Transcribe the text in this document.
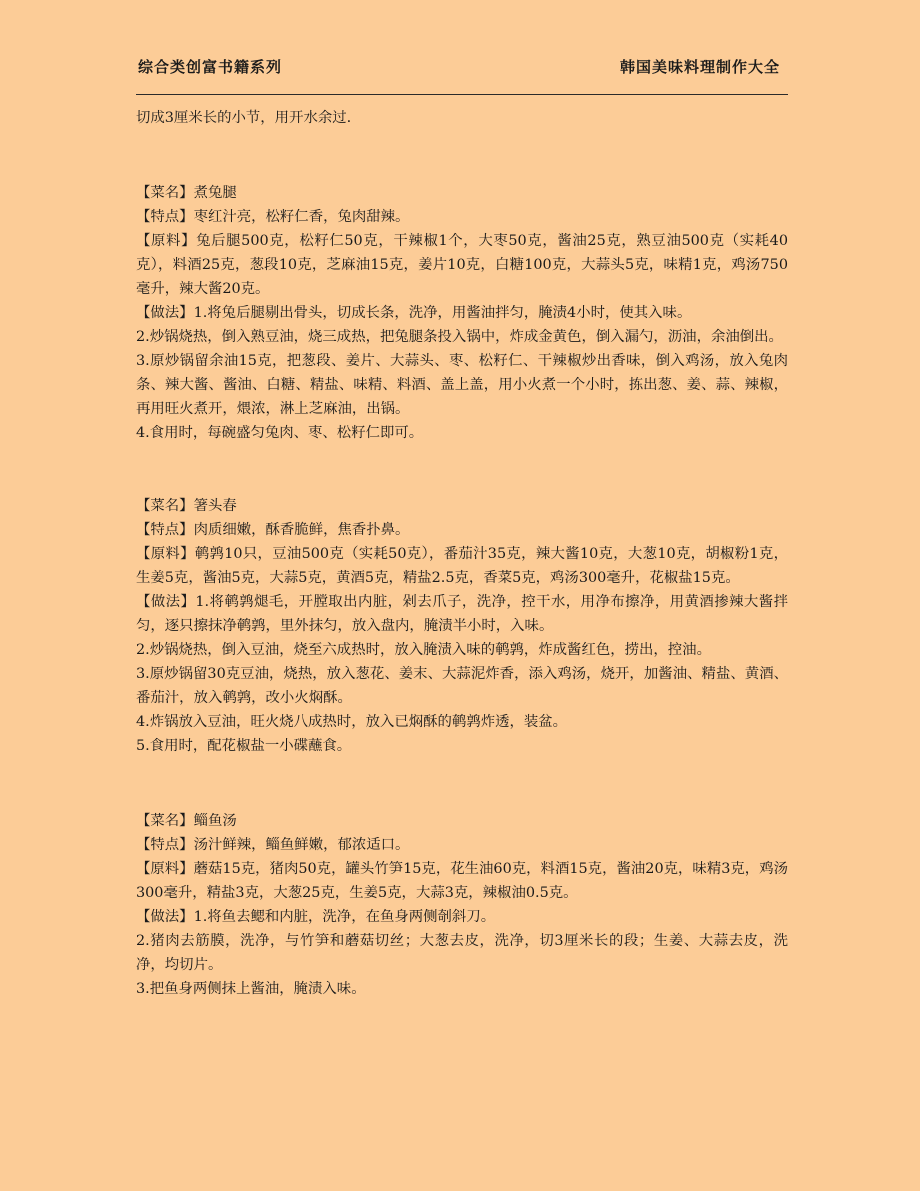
综合类创富书籍系列	韩国美味料理制作大全

切成3厘米长的小节，用开水余过.

【菜名】煮兔腿

【特点】枣红汁亮，松籽仁香，兔肉甜辣。

【原料】兔后腿500克，松籽仁50克，干辣椒1个，大枣50克，酱油25克，熟豆油500克（实耗40克），料酒25克，葱段10克，芝麻油15克，姜片10克，白糖100克，大蒜头5克，味精1克，鸡汤750毫升，辣大酱20克。

【做法】1.将兔后腿剔出骨头，切成长条，洗净，用酱油拌匀，腌渍4小时，使其入味。

2.炒锅烧热，倒入熟豆油，烧三成热，把兔腿条投入锅中，炸成金黄色，倒入漏勺，沥油，余油倒出。

3.原炒锅留余油15克，把葱段、姜片、大蒜头、枣、松籽仁、干辣椒炒出香味，倒入鸡汤，放入兔肉条、辣大酱、酱油、白糖、精盐、味精、料酒、盖上盖，用小火煮一个小时，拣出葱、姜、蒜、辣椒，再用旺火煮开，煨浓，淋上芝麻油，出锅。

4.食用时，每碗盛匀兔肉、枣、松籽仁即可。

【菜名】箸头春

【特点】肉质细嫩，酥香脆鲜，焦香扑鼻。

【原料】鹌鹑10只，豆油500克（实耗50克），番茄汁35克，辣大酱10克，大葱10克，胡椒粉1克，生姜5克，酱油5克，大蒜5克，黄酒5克，精盐2.5克，香菜5克，鸡汤300毫升，花椒盐15克。

【做法】1.将鹌鹑煺毛，开膛取出内脏，剁去爪子，洗净，控干水，用净布擦净，用黄酒掺辣大酱拌匀，逐只擦抹净鹌鹑，里外抹匀，放入盘内，腌渍半小时，入味。

2.炒锅烧热，倒入豆油，烧至六成热时，放入腌渍入味的鹌鹑，炸成酱红色，捞出，控油。

3.原炒锅留30克豆油，烧热，放入葱花、姜末、大蒜泥炸香，添入鸡汤，烧开，加酱油、精盐、黄酒、番茄汁，放入鹌鹑，改小火焖酥。

4.炸锅放入豆油，旺火烧八成热时，放入已焖酥的鹌鹑炸透，装盆。

5.食用时，配花椒盐一小碟蘸食。

【菜名】鲻鱼汤

【特点】汤汁鲜辣，鲻鱼鲜嫩，郁浓适口。

【原料】蘑菇15克，猪肉50克，罐头竹笋15克，花生油60克，料酒15克，酱油20克，味精3克，鸡汤300毫升，精盐3克，大葱25克，生姜5克，大蒜3克，辣椒油0.5克。

【做法】1.将鱼去鳃和内脏，洗净，在鱼身两侧剞斜刀。

2.猪肉去筋膜，洗净，与竹笋和蘑菇切丝；大葱去皮，洗净，切3厘米长的段；生姜、大蒜去皮，洗净，均切片。

3.把鱼身两侧抹上酱油，腌渍入味。
